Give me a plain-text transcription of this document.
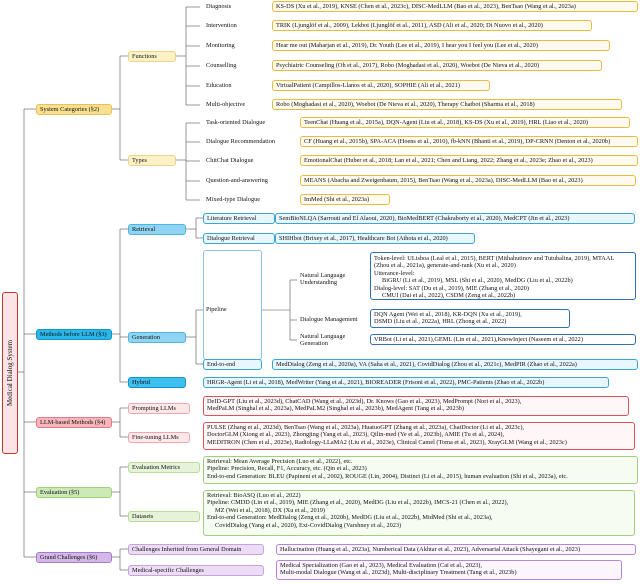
Medical Dialog System
System Categories (§2)
Methods before LLM (§3)
LLM-based Methods (§4)
Evaluation (§5)
Grand Challenges (§6)
Functions
Diagnosis	KS-DS (Xu et al., 2019), KNSE (Chen et al., 2023c), DISC-MedLLM (Bao et al., 2023), BenTsao (Wang et al., 2023a)
Intervention	TRIK (Ljunglöf et al., 2009), Lekbot (Ljunglöf et al., 2011), ASD (Ali et al., 2020; Di Nuovo et al., 2020)
Monitoring	Hear me out (Maharjan et al., 2019), Dr. Youth (Lee et al., 2019), I hear you I feel you (Lee et al., 2020)
Counselling	Psychiatric Counseling (Oh et al., 2017), Robo (Moghadasi et al., 2020), Woebot (De Nieva et al., 2020)
Education	VirtualPatient (Campillos-Llanos et al., 2020), SOPHIE (Ali et al., 2021)
Multi-objective	Robo (Moghadasi et al., 2020), Woebot (De Nieva et al., 2020), Therapy Chatbot (Sharma et al., 2018)
Types
Task-oriented Dialogue	TeenChat (Huang et al., 2015a), DQN-Agent (Liu et al., 2018), KS-DS (Xu et al., 2019), HRL (Liao et al., 2020)
Dialogue Recommendation	CF (Huang et al., 2015b), SPA-ACA (Hoens et al., 2010), fb-kNN (Bhanti et al., 2019), DP-CRNN (Denton et al., 2020b)
ChitChat Dialogue	EmotionalChat (Huber et al., 2018; Lan et al., 2021; Chen and Liang, 2022; Zhang et al., 2023e; Zhao et al., 2023)
Question-and-answering	MEANS (Abacha and Zweigenbaum, 2015), BenTsao (Wang et al., 2023a), DISC-MedLLM (Bao et al., 2023)
Mixed-type Dialogue	ImMed (Shi et al., 2023a)
Retrieval
Literature Retrieval	SemBioNLQA (Sarrouti and El Alaoui, 2020), BioMedBERT (Chakraborty et al., 2020), MedCPT (Jin et al., 2023)
Dialogue Retrieval	SHIHbot (Brixey et al., 2017), Healthcare Bot (Athota et al., 2020)
Generation
Pipeline
Natural Language
Understanding
Token-level: ULisboa (Leal et al., 2015), BERT (Mithahutinov and Tutubalina, 2019), MTAAL (Zhou et al., 2021a), generate-and-rank (Xu et al., 2020)
Utterance-level:
BiGRU (Li et al., 2019), MSL (Shi et al., 2020), MedDG (Liu et al., 2022b)
Dialog-level: SAT (Du et al., 2019), MIE (Zhang et al., 2020)
CMUI (Dai et al., 2022), CSDM (Zeng et al., 2022b)
Dialogue Management
DQN Agent (Wei et al., 2018), KR-DQN (Xu et al., 2019),
DSMD (Liu et al., 2022a), HRL (Zhong et al., 2022)
Natural Language
Generation
VRBot (Li et al., 2021),GEML (Lin et al., 2021),KnowInject (Naseem et al., 2022)
End-to-end	MedDialog (Zeng et al., 2020a), VA (Saha et al., 2021), CovidDialog (Zhou et al., 2021c), MedPIR (Zhao et al., 2022a)
Hybrid	HRGR-Agent (Li et al., 2018), MedWriter (Yang et al., 2021), BIOREADER (Frisoni et al., 2022), PMC-Patients (Zhao et al., 2022b)
Prompting LLMs
DeID-GPT (Liu et al., 2023d), ChatCAD (Wang et al., 2023d), Dr. Knows (Gao et al., 2023), MedPrompt (Nori et al., 2023),
MedPaLM (Singhal et al., 2023a), MedPaLM2 (Singhal et al., 2023b), MedAgent (Tang et al., 2023b)
Fine-tuning LLMs
PULSE (Zhang et al., 2023d), BenTsao (Wang et al., 2023a), HuatuoGPT (Zhang et al., 2023a), ChatDoctor (Li et al., 2023c),
DoctorGLM (Xiong et al., 2023), Zhongjing (Yang et al., 2023), Qilin-med (Ye et al., 2023b), AMIE (Tu et al., 2024),
MEDITRON (Chen et al., 2023e), Radiology-LLaMA2 (Liu et al., 2023e), Clinical Camel (Toma et al., 2023), XrayGLM (Wang et al., 2023c)
Evaluation Metrics
Retrieval: Mean Average Precision (Luo et al., 2022), etc.
Pipeline: Precision, Recall, F1, Accuracy, etc. (Qin et al., 2023)
End-to-end Generation: BLEU (Papineni et al., 2002), ROUGE (Lin, 2004), Distinct (Li et al., 2015), human evaluation (Shi et al., 2023a), etc.
Datasets
Retrieval: BioASQ (Luo et al., 2022)
Pipeline: CMDD (Lin et al., 2019), MIE (Zhang et al., 2020), MedDG (Liu et al., 2022b), IMCS-21 (Chen et al., 2022),
MZ (Wei et al., 2018), DX (Xu et al., 2019)
End-to-end Generation: MedDialog (Zeng et al., 2020b), MedDG (Liu et al., 2022b), MidMed (Shi et al., 2023a),
CovidDialog (Yang et al., 2020), Ext-CovidDialog (Varshney et al., 2023)
Challenges Inherited from General Domain	Hallucination (Huang et al., 2023a), Numberical Data (Akhtar et al., 2023), Adversarial Attack (Shayegani et al., 2023)
Medical-specific Challenges
Medical Specialization (Gao et al., 2023), Medical Evaluation (Cai et al., 2023),
Multi-modal Dialogue (Wang et al., 2023d), Multi-disciplinary Treatment (Tang et al., 2023b)
